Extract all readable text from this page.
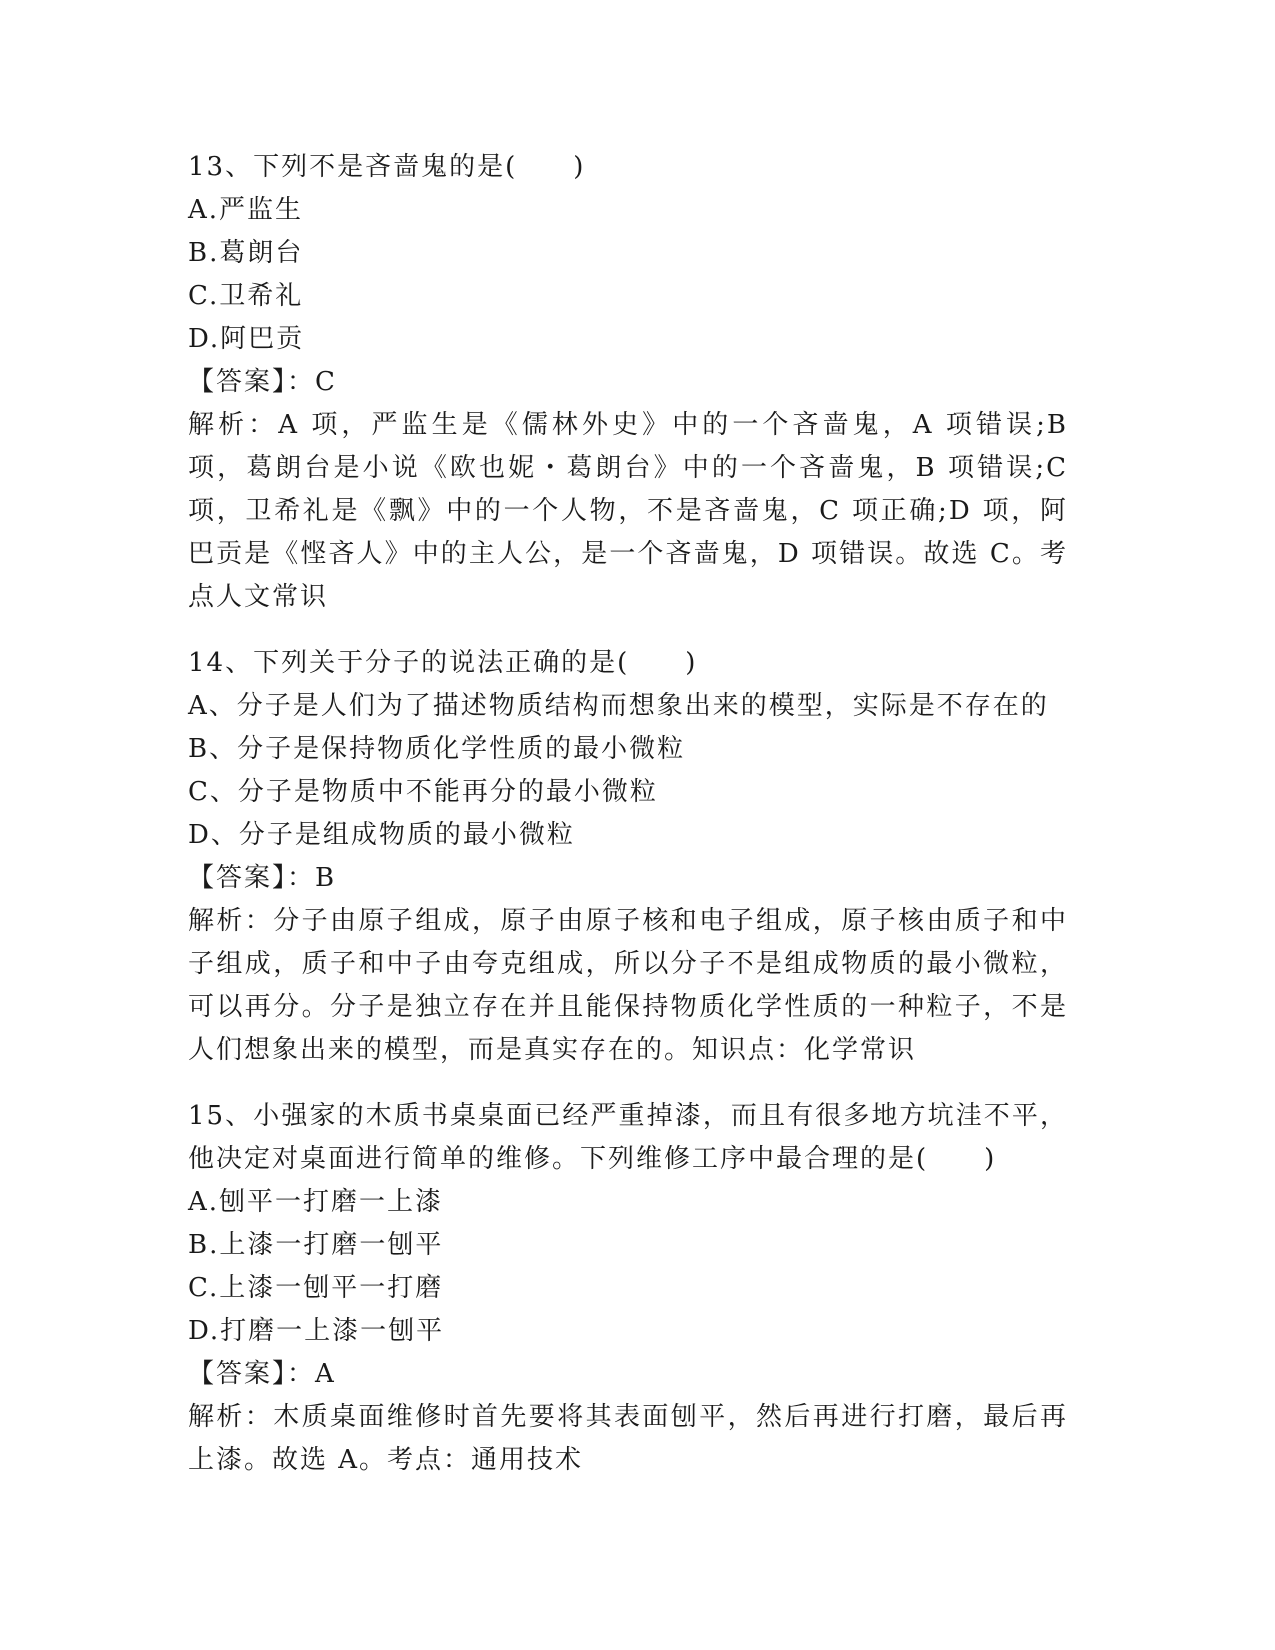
13、下列不是吝啬鬼的是(　　)
A.严监生
B.葛朗台
C.卫希礼
D.阿巴贡
【答案】：C
解析：A 项，严监生是《儒林外史》中的一个吝啬鬼，A 项错误;B 项，葛朗台是小说《欧也妮・葛朗台》中的一个吝啬鬼，B 项错误;C 项，卫希礼是《飘》中的一个人物，不是吝啬鬼，C 项正确;D 项，阿巴贡是《悭吝人》中的主人公，是一个吝啬鬼，D 项错误。故选 C。考点人文常识
14、下列关于分子的说法正确的是(　　)
A、分子是人们为了描述物质结构而想象出来的模型，实际是不存在的
B、分子是保持物质化学性质的最小微粒
C、分子是物质中不能再分的最小微粒
D、分子是组成物质的最小微粒
【答案】：B
解析：分子由原子组成，原子由原子核和电子组成，原子核由质子和中子组成，质子和中子由夸克组成，所以分子不是组成物质的最小微粒，可以再分。分子是独立存在并且能保持物质化学性质的一种粒子，不是人们想象出来的模型，而是真实存在的。知识点：化学常识
15、小强家的木质书桌桌面已经严重掉漆，而且有很多地方坑洼不平，他决定对桌面进行简单的维修。下列维修工序中最合理的是(　　)
A.刨平一打磨一上漆
B.上漆一打磨一刨平
C.上漆一刨平一打磨
D.打磨一上漆一刨平
【答案】：A
解析：木质桌面维修时首先要将其表面刨平，然后再进行打磨，最后再上漆。故选 A。考点：通用技术
